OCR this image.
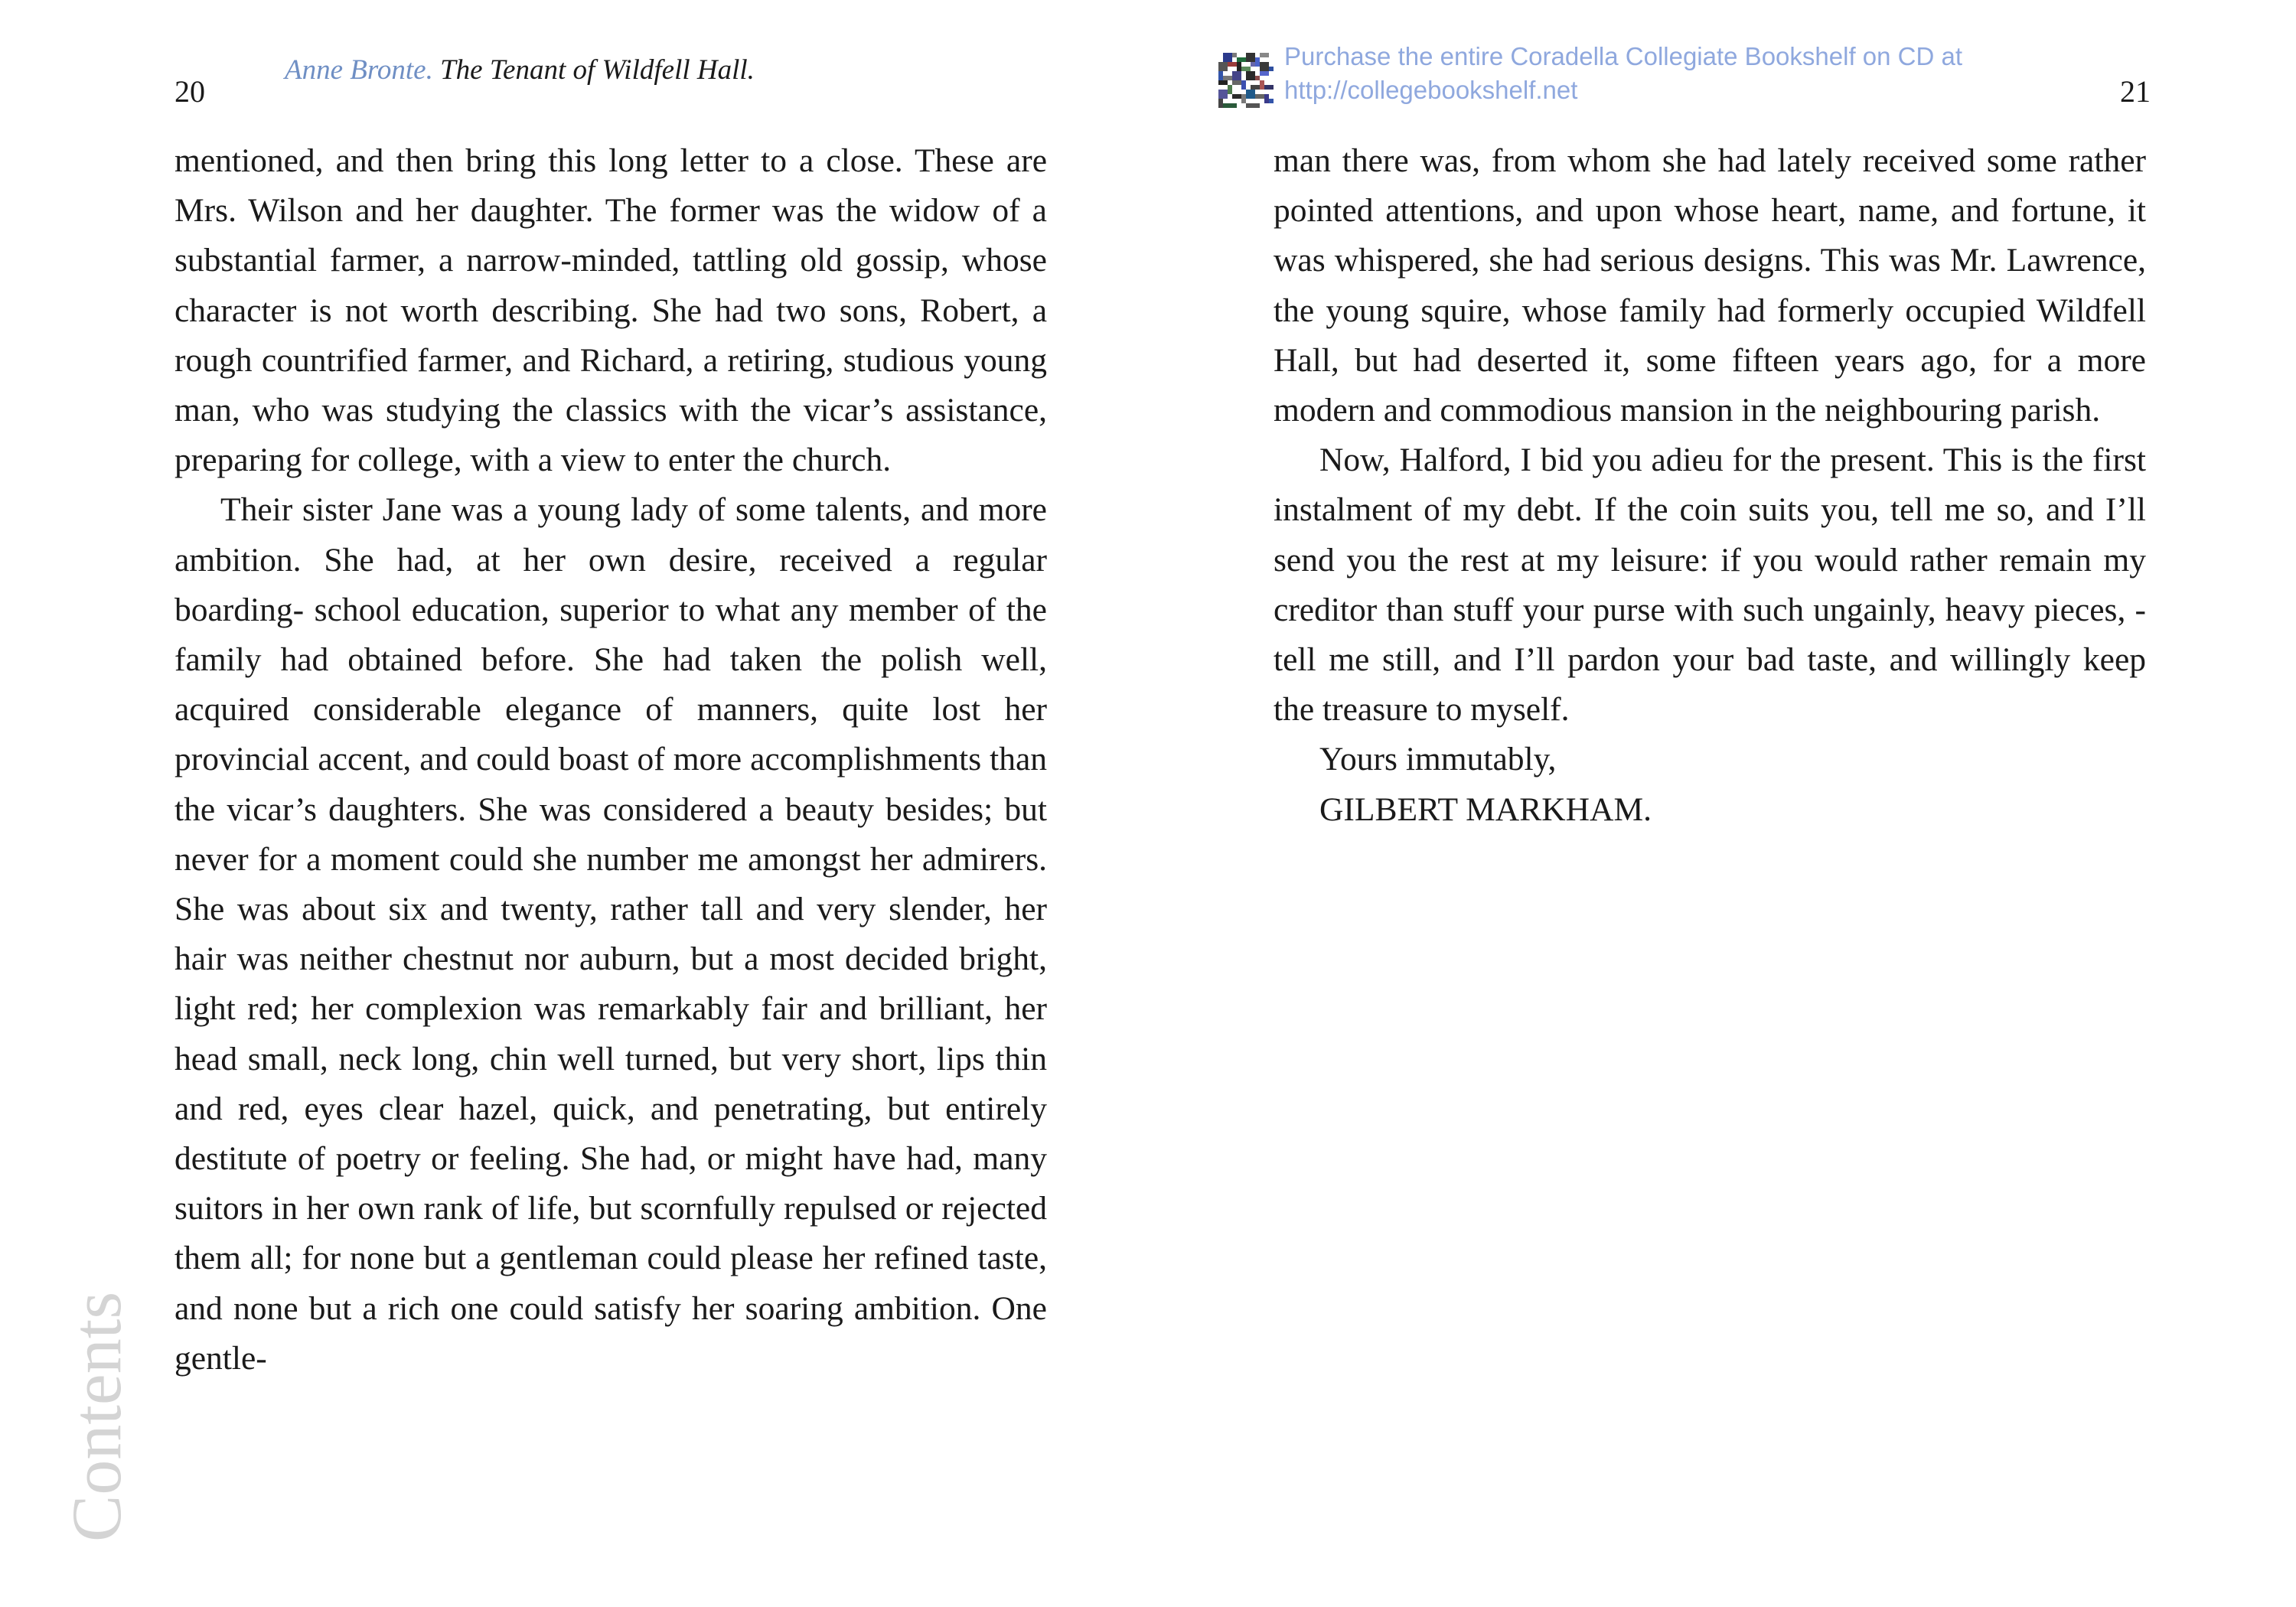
20
Anne Bronte. The Tenant of Wildfell Hall.

mentioned, and then bring this long letter to a close. These are Mrs. Wilson and her daughter. The former was the widow of a substantial farmer, a narrow-minded, tattling old gossip, whose character is not worth describing. She had two sons, Robert, a rough countrified farmer, and Richard, a retiring, studious young man, who was studying the classics with the vicar’s assistance, preparing for college, with a view to enter the church.

Their sister Jane was a young lady of some talents, and more ambition. She had, at her own desire, received a regular boarding- school education, superior to what any member of the family had obtained before. She had taken the polish well, acquired considerable elegance of manners, quite lost her provincial accent, and could boast of more accomplishments than the vicar’s daughters. She was considered a beauty besides; but never for a moment could she number me amongst her admirers. She was about six and twenty, rather tall and very slender, her hair was neither chestnut nor auburn, but a most decided bright, light red; her complexion was remarkably fair and brilliant, her head small, neck long, chin well turned, but very short, lips thin and red, eyes clear hazel, quick, and penetrating, but entirely destitute of poetry or feeling. She had, or might have had, many suitors in her own rank of life, but scornfully repulsed or rejected them all; for none but a gentleman could please her refined taste, and none but a rich one could satisfy her soaring ambition. One gentle-

Contents
Purchase the entire Coradella Collegiate Bookshelf on CD at
http://collegebookshelf.net	21

man there was, from whom she had lately received some rather pointed attentions, and upon whose heart, name, and fortune, it was whispered, she had serious designs. This was Mr. Lawrence, the young squire, whose family had formerly occupied Wildfell Hall, but had deserted it, some fifteen years ago, for a more modern and commodious mansion in the neighbouring parish.

Now, Halford, I bid you adieu for the present. This is the first instalment of my debt. If the coin suits you, tell me so, and I’ll send you the rest at my leisure: if you would rather remain my creditor than stuff your purse with such ungainly, heavy pieces, - tell me still, and I’ll pardon your bad taste, and willingly keep the treasure to myself.

Yours immutably,

GILBERT MARKHAM.
